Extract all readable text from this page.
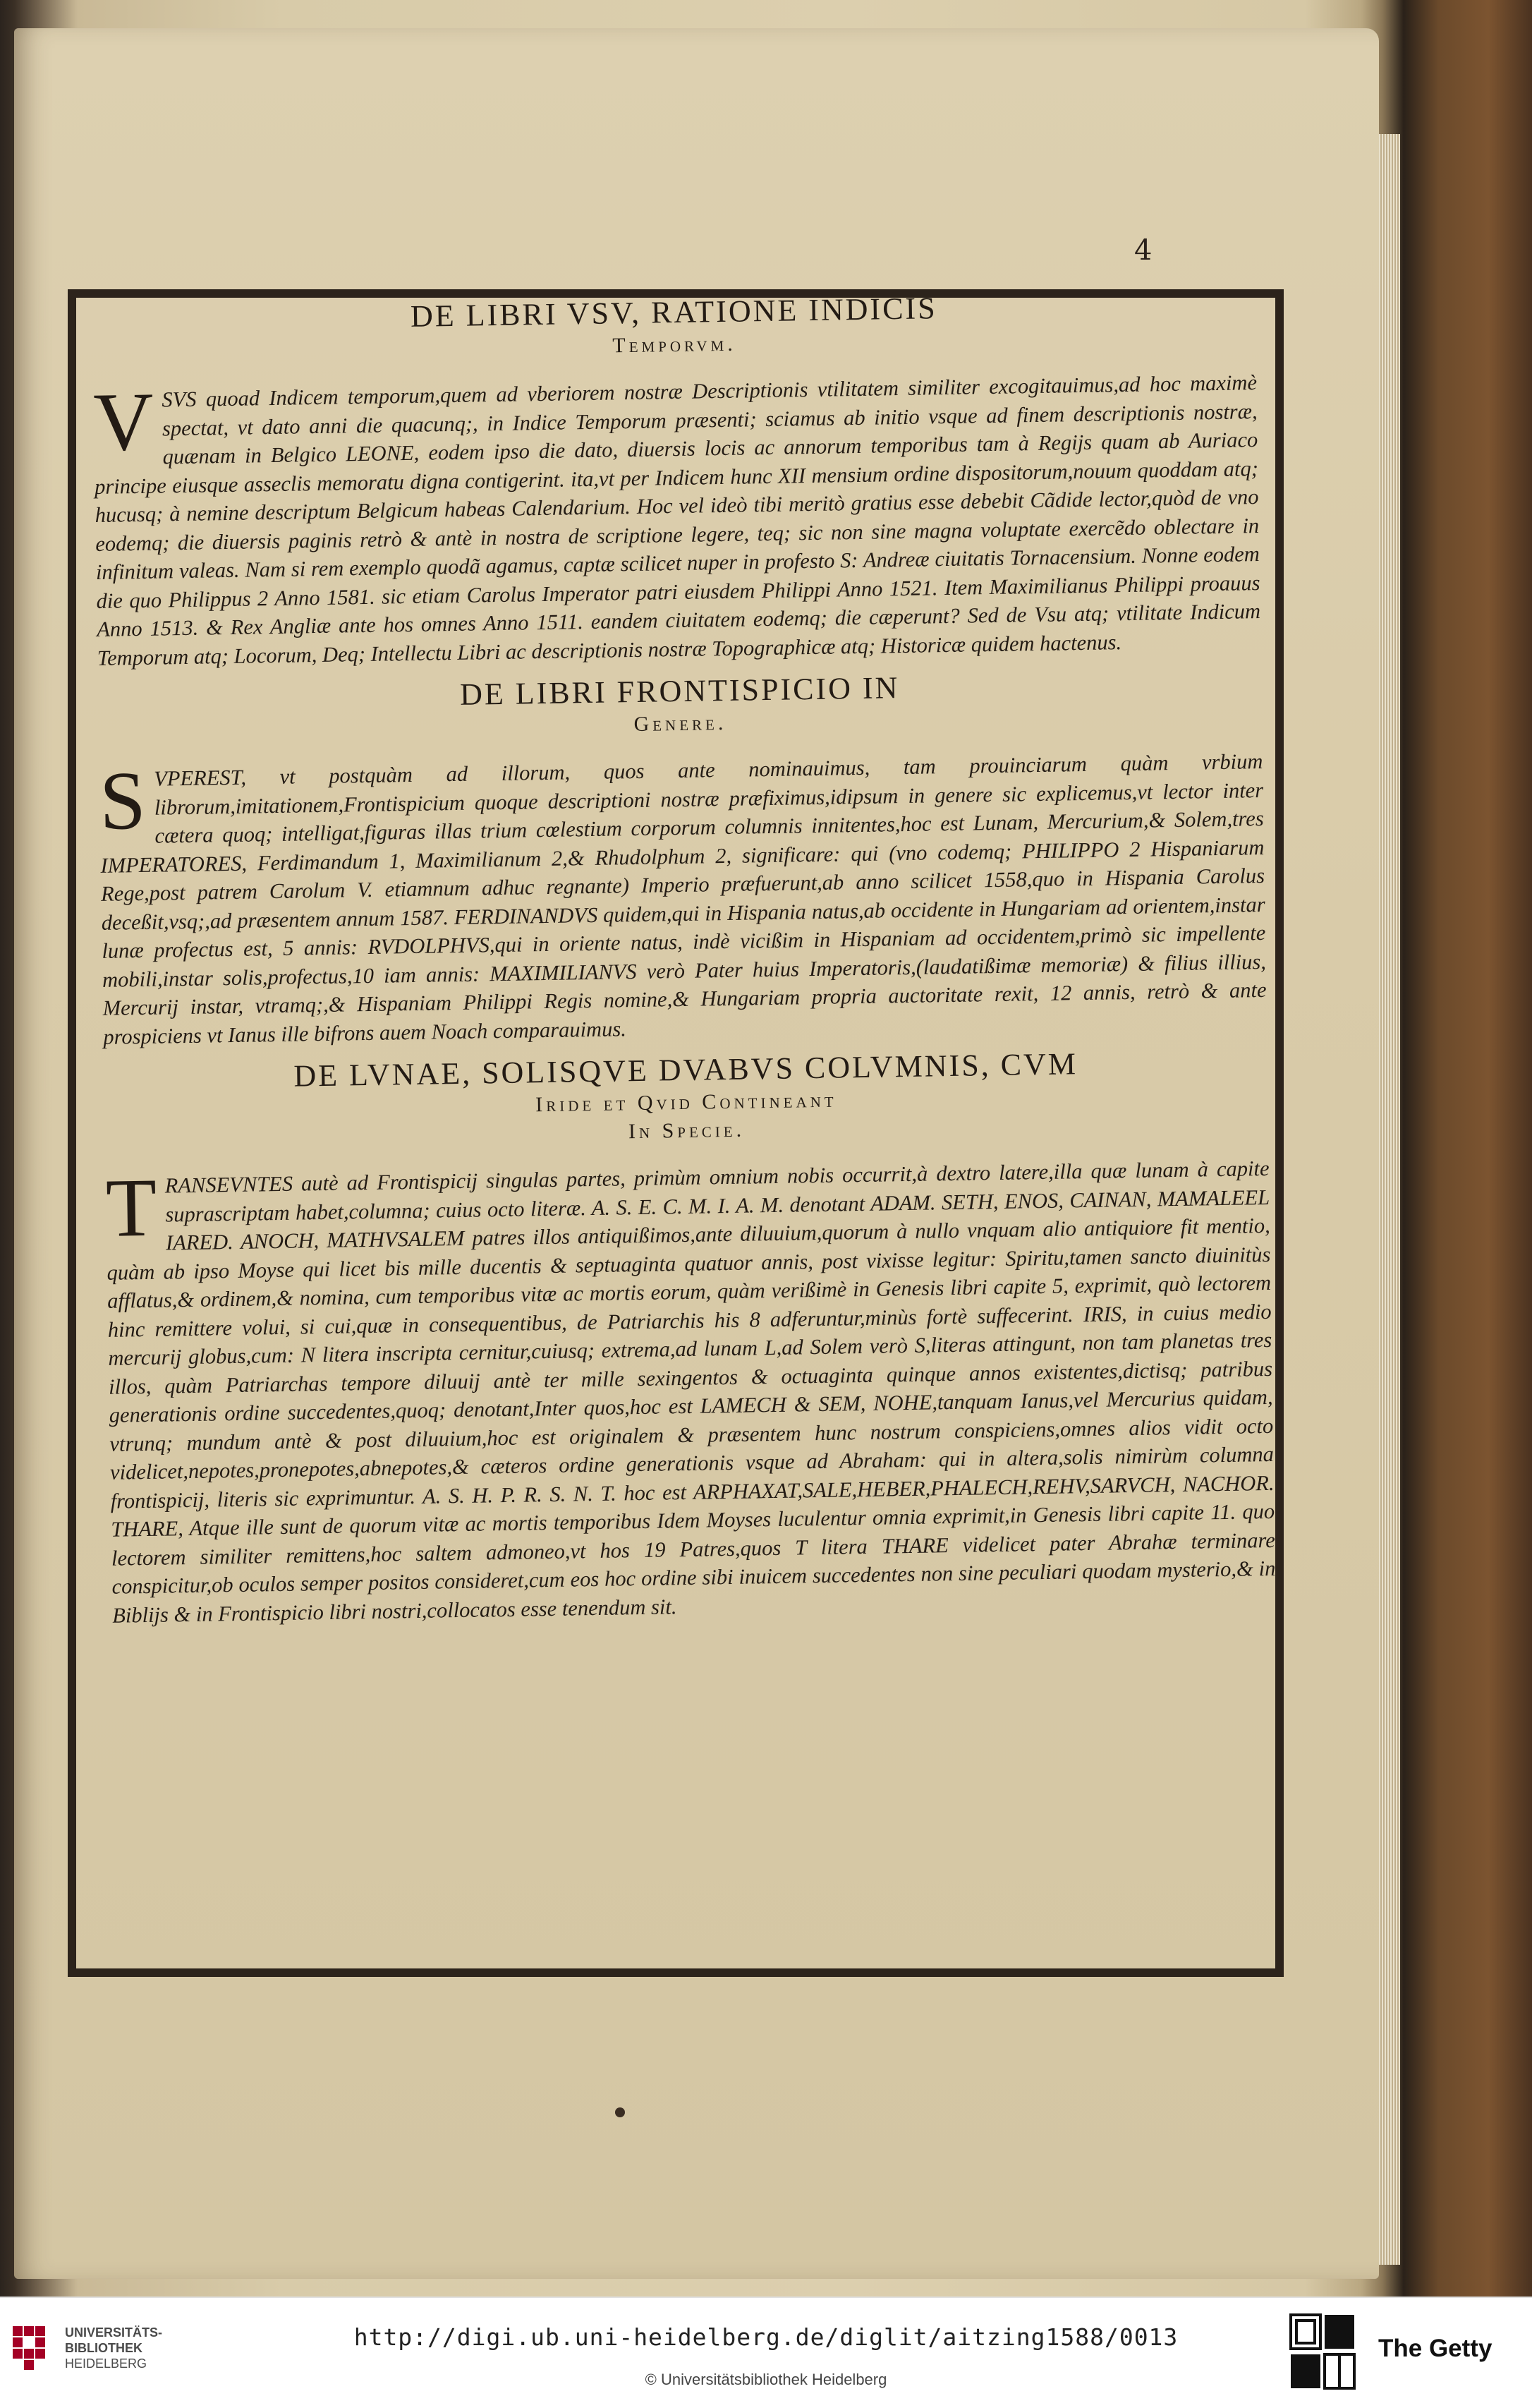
4

DE LIBRI VSV, RATIONE INDICIS

Temporvm.

V SVS quoad Indicem temporum,quem ad vberiorem nostræ Descriptionis vtilitatem similiter excogitauimus,ad hoc maximè spectat, vt dato anni die quacunq;, in Indice Temporum præsenti; sciamus ab initio vsque ad finem descriptionis nostræ, quænam in Belgico LEONE, eodem ipso die dato, diuersis locis ac annorum temporibus tam à Regijs quam ab Auriaco principe eiusque asseclis memoratu digna contigerint. ita,vt per Indicem hunc XII mensium ordine dispositorum,nouum quoddam atq; hucusq; à nemine descriptum Belgicum habeas Calendarium. Hoc vel ideò tibi meritò gratius esse debebit Cãdide lector,quòd de vno eodemq; die diuersis paginis retrò & antè in nostra de scriptione legere, teq; sic non sine magna voluptate exercẽdo oblectare in infinitum valeas. Nam si rem exemplo quodã agamus, captæ scilicet nuper in profesto S: Andreæ ciuitatis Tornacensium. Nonne eodem die quo Philippus 2 Anno 1581. sic etiam Carolus Imperator patri eiusdem Philippi Anno 1521. Item Maximilianus Philippi proauus Anno 1513. & Rex Angliæ ante hos omnes Anno 1511. eandem ciuitatem eodemq; die cæperunt? Sed de Vsu atq; vtilitate Indicum Temporum atq; Locorum, Deq; Intellectu Libri ac descriptionis nostræ Topographicæ atq; Historicæ quidem hactenus.

DE LIBRI FRONTISPICIO IN

Genere.

S VPEREST, vt postquàm ad illorum, quos ante nominauimus, tam prouinciarum quàm vrbium librorum,imitationem,Frontispicium quoque descriptioni nostræ præfiximus,idipsum in genere sic explicemus,vt lector inter cætera quoq; intelligat,figuras illas trium cœlestium corporum columnis innitentes,hoc est Lunam, Mercurium,& Solem,tres IMPERATORES, Ferdimandum 1, Maximilianum 2,& Rhudolphum 2, significare: qui (vno codemq; PHILIPPO 2 Hispaniarum Rege,post patrem Carolum V. etiamnum adhuc regnante) Imperio præfuerunt,ab anno scilicet 1558,quo in Hispania Carolus deceßit,vsq;,ad præsentem annum 1587. FERDINANDVS quidem,qui in Hispania natus,ab occidente in Hungariam ad orientem,instar lunæ profectus est, 5 annis: RVDOLPHVS,qui in oriente natus, indè vicißim in Hispaniam ad occidentem,primò sic impellente mobili,instar solis,profectus,10 iam annis: MAXIMILIANVS verò Pater huius Imperatoris,(laudatißimæ memoriæ) & filius illius, Mercurij instar, vtramq;,& Hispaniam Philippi Regis nomine,& Hungariam propria auctoritate rexit, 12 annis, retrò & ante prospiciens vt Ianus ille bifrons auem Noach comparauimus.

DE LVNAE, SOLISQVE DVABVS COLVMNIS, CVM

Iride et Qvid Contineant

In Specie.

T RANSEVNTES autè ad Frontispicij singulas partes, primùm omnium nobis occurrit,à dextro latere,illa quæ lunam à capite suprascriptam habet,columna; cuius octo literæ. A. S. E. C. M. I. A. M. denotant ADAM. SETH, ENOS, CAINAN, MAMALEEL IARED. ANOCH, MATHVSALEM patres illos antiquißimos,ante diluuium,quorum à nullo vnquam alio antiquiore fit mentio, quàm ab ipso Moyse qui licet bis mille ducentis & septuaginta quatuor annis, post vixisse legitur: Spiritu,tamen sancto diuinitùs afflatus,& ordinem,& nomina, cum temporibus vitæ ac mortis eorum, quàm verißimè in Genesis libri capite 5, exprimit, quò lectorem hinc remittere volui, si cui,quæ in consequentibus, de Patriarchis his 8 adferuntur,minùs fortè suffecerint. IRIS, in cuius medio mercurij globus,cum: N litera inscripta cernitur,cuiusq; extrema,ad lunam L,ad Solem verò S,literas attingunt, non tam planetas tres illos, quàm Patriarchas tempore diluuij antè ter mille sexingentos & octuaginta quinque annos existentes,dictisq; patribus generationis ordine succedentes,quoq; denotant,Inter quos,hoc est LAMECH & SEM, NOHE,tanquam Ianus,vel Mercurius quidam, vtrunq; mundum antè & post diluuium,hoc est originalem & præsentem hunc nostrum conspiciens,omnes alios vidit octo videlicet,nepotes,pronepotes,abnepotes,& cæteros ordine generationis vsque ad Abraham: qui in altera,solis nimirùm columna frontispicij, literis sic exprimuntur. A. S. H. P. R. S. N. T. hoc est ARPHAXAT,SALE,HEBER,PHALECH,REHV,SARVCH, NACHOR. THARE, Atque ille sunt de quorum vitæ ac mortis temporibus Idem Moyses luculentur omnia exprimit,in Genesis libri capite 11. quo lectorem similiter remittens,hoc saltem admoneo,vt hos 19 Patres,quos T litera THARE videlicet pater Abrahæ terminare conspicitur,ob oculos semper positos consideret,cum eos hoc ordine sibi inuicem succedentes non sine peculiari quodam mysterio,& in Biblijs & in Frontispicio libri nostri,collocatos esse tenendum sit.

UNIVERSITÄTS-
BIBLIOTHEK
HEIDELBERG
http://digi.ub.uni-heidelberg.de/diglit/aitzing1588/0013
© Universitätsbibliothek Heidelberg
The Getty
